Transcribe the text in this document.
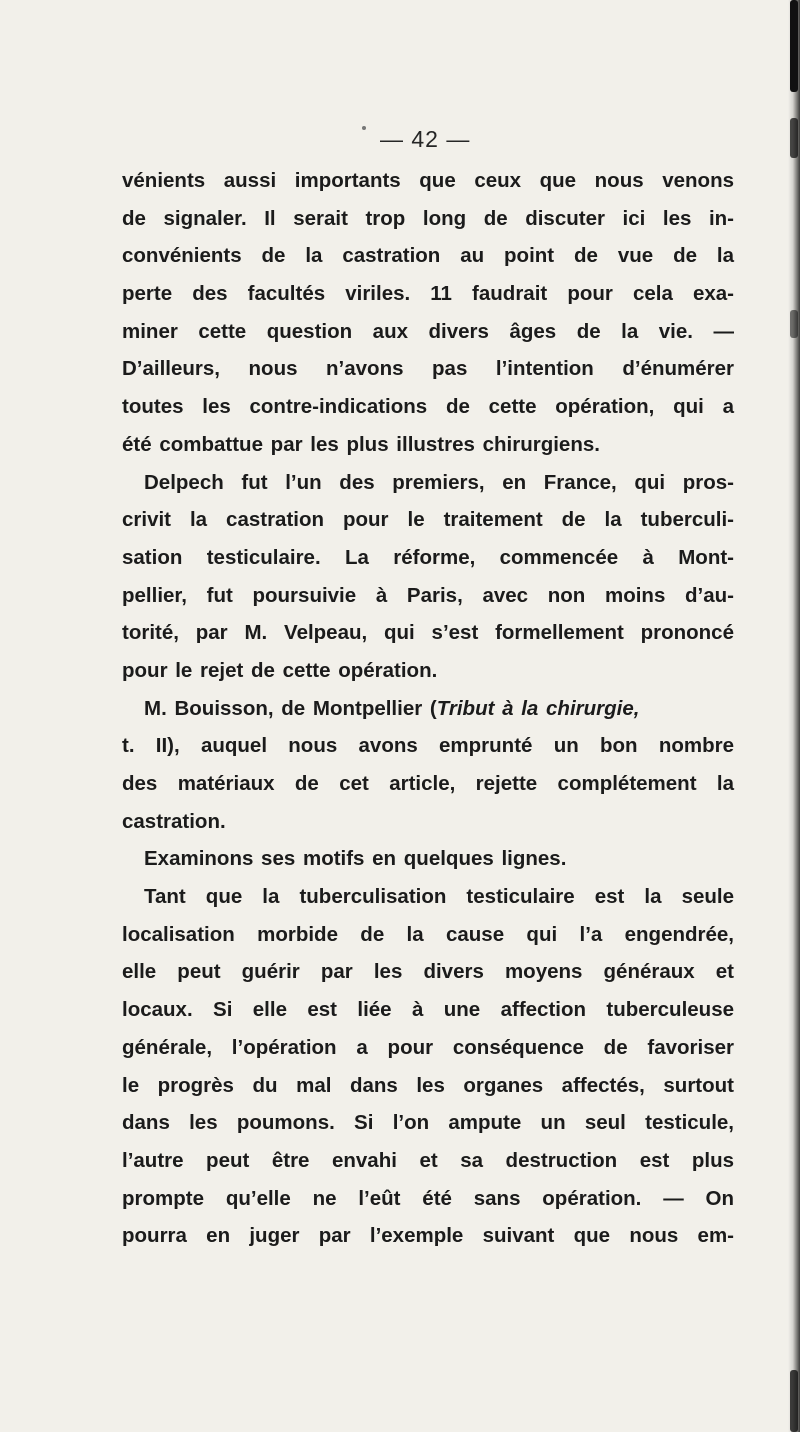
— 42 —

vénients aussi importants que ceux que nous venons
de signaler. Il serait trop long de discuter ici les in-
convénients de la castration au point de vue de la
perte des facultés viriles. 11 faudrait pour cela exa-
miner cette question aux divers âges de la vie. —
D’ailleurs, nous n’avons pas l’intention d’énumérer
toutes les contre-indications de cette opération, qui a
été combattue par les plus illustres chirurgiens.
Delpech fut l’un des premiers, en France, qui pros-
crivit la castration pour le traitement de la tuberculi-
sation testiculaire. La réforme, commencée à Mont-
pellier, fut poursuivie à Paris, avec non moins d’au-
torité, par M. Velpeau, qui s’est formellement prononcé
pour le rejet de cette opération.
M. Bouisson, de Montpellier (Tribut à la chirurgie,
t. II), auquel nous avons emprunté un bon nombre
des matériaux de cet article, rejette complétement la
castration.
Examinons ses motifs en quelques lignes.
Tant que la tuberculisation testiculaire est la seule
localisation morbide de la cause qui l’a engendrée,
elle peut guérir par les divers moyens généraux et
locaux. Si elle est liée à une affection tuberculeuse
générale, l’opération a pour conséquence de favoriser
le progrès du mal dans les organes affectés, surtout
dans les poumons. Si l’on ampute un seul testicule,
l’autre peut être envahi et sa destruction est plus
prompte qu’elle ne l’eût été sans opération. — On
pourra en juger par l’exemple suivant que nous em-
